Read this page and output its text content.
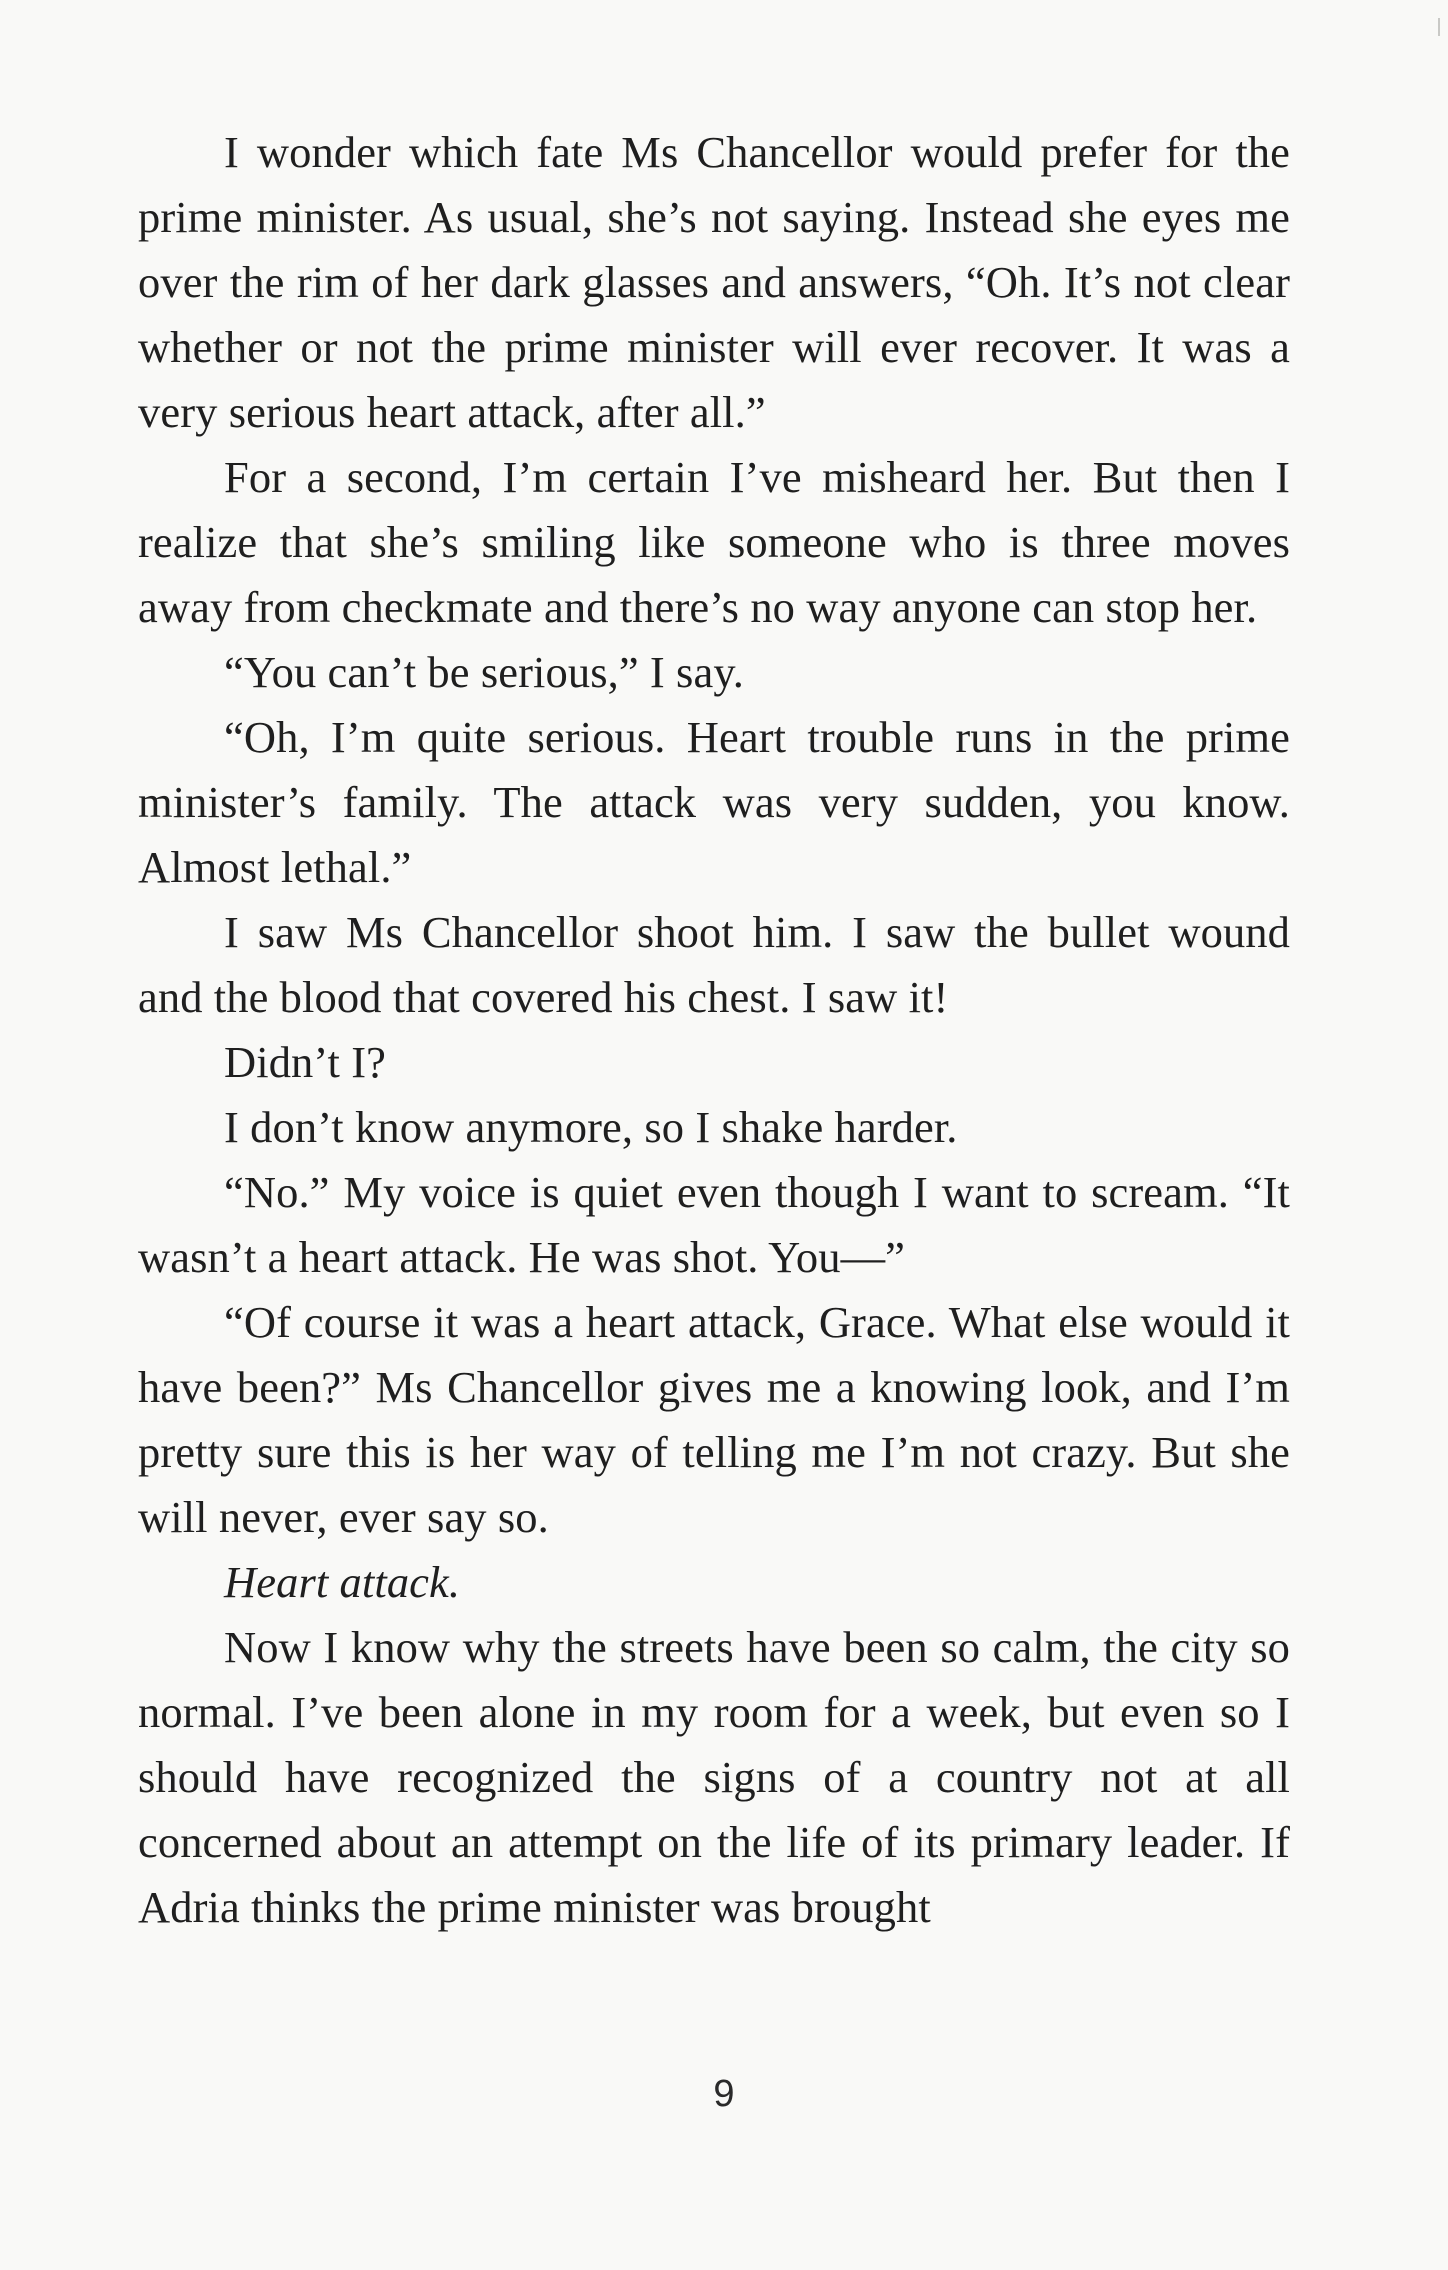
I wonder which fate Ms Chancellor would prefer for the prime minister. As usual, she’s not saying. Instead she eyes me over the rim of her dark glasses and answers, “Oh. It’s not clear whether or not the prime minister will ever recover. It was a very serious heart attack, after all.”

For a second, I’m certain I’ve misheard her. But then I realize that she’s smiling like someone who is three moves away from checkmate and there’s no way anyone can stop her.

“You can’t be serious,” I say.

“Oh, I’m quite serious. Heart trouble runs in the prime minister’s family. The attack was very sudden, you know. Almost lethal.”

I saw Ms Chancellor shoot him. I saw the bullet wound and the blood that covered his chest. I saw it!

Didn’t I?

I don’t know anymore, so I shake harder.

“No.” My voice is quiet even though I want to scream. “It wasn’t a heart attack. He was shot. You—”

“Of course it was a heart attack, Grace. What else would it have been?” Ms Chancellor gives me a knowing look, and I’m pretty sure this is her way of telling me I’m not crazy. But she will never, ever say so.

Heart attack.

Now I know why the streets have been so calm, the city so normal. I’ve been alone in my room for a week, but even so I should have recognized the signs of a country not at all concerned about an attempt on the life of its primary leader. If Adria thinks the prime minister was brought

9
